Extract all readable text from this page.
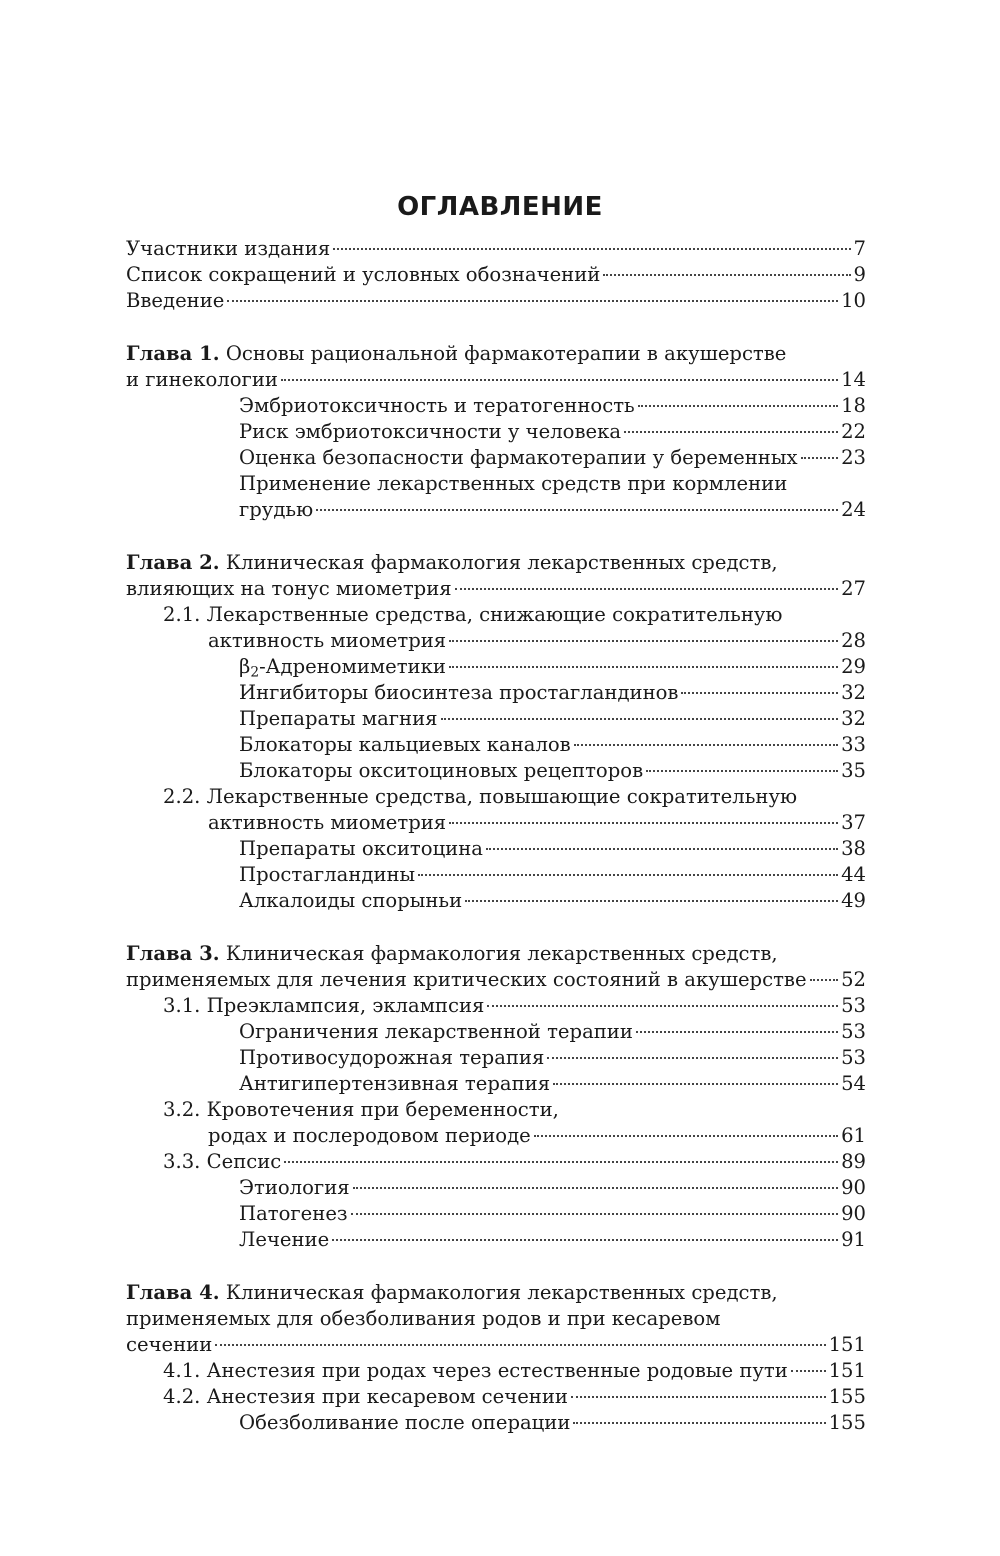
ОГЛАВЛЕНИЕ
Участники издания	7
Список сокращений и условных обозначений	9
Введение	10
Глава 1. Основы рациональной фармакотерапии в акушерстве
и гинекологии	14
Эмбриотоксичность и тератогенность	18
Риск эмбриотоксичности у человека	22
Оценка безопасности фармакотерапии у беременных 23
Применение лекарственных средств при кормлении
грудью	24
Глава 2. Клиническая фармакология лекарственных средств,
влияющих на тонус миометрия	27
2.1. Лекарственные средства, снижающие сократительную
активность миометрия	28
$\beta_2$-Адреномиметики	29
Ингибиторы биосинтеза простагландинов	32
Препараты магния	32
Блокаторы кальциевых каналов	33
Блокаторы окситоциновых рецепторов	35
2.2. Лекарственные средства, повышающие сократительную
активность миометрия	37
Препараты окситоцина	38
Простагландины	44
Алкалоиды спорыньи	49
Глава 3. Клиническая фармакология лекарственных средств,
применяемых для лечения критических состояний в акушерстве 52
3.1. Преэклампсия, эклампсия	53
Ограничения лекарственной терапии	53
Противосудорожная терапия	53
Антигипертензивная терапия	54
3.2. Кровотечения при беременности,
родах и послеродовом периоде	61
3.3. Сепсис	89
Этиология	90
Патогенез	90
Лечение	91
Глава 4. Клиническая фармакология лекарственных средств,
применяемых для обезболивания родов и при кесаревом
сечении	151
4.1. Анестезия при родах через естественные родовые пути 151
4.2. Анестезия при кесаревом сечении	155
Обезболивание после операции	155
